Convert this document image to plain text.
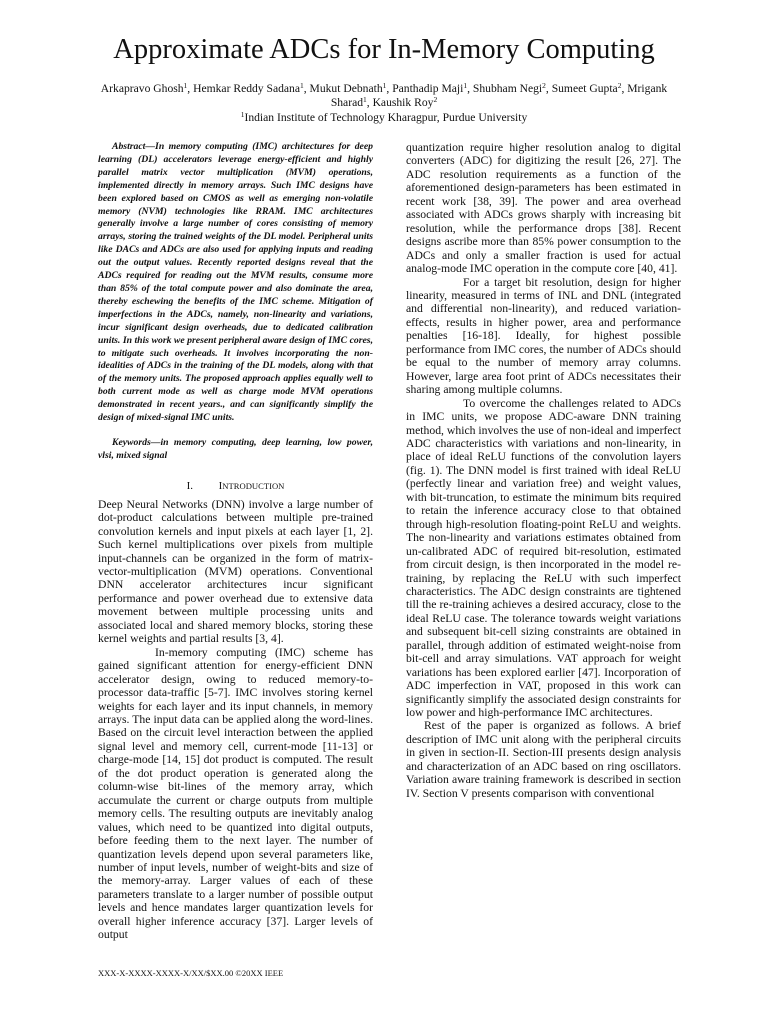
Approximate ADCs for In-Memory Computing
Arkapravo Ghosh$^1$, Hemkar Reddy Sadana$^1$, Mukut Debnath$^1$, Panthadip Maji$^1$, Shubham Negi$^2$, Sumeet Gupta$^2$, Mrigank Sharad$^1$, Kaushik Roy$^2$
$^1$Indian Institute of Technology Kharagpur, Purdue University

Abstract—In memory computing (IMC) architectures for deep learning (DL) accelerators leverage energy-efficient and highly parallel matrix vector multiplication (MVM) operations, implemented directly in memory arrays. Such IMC designs have been explored based on CMOS as well as emerging non-volatile memory (NVM) technologies like RRAM. IMC architectures generally involve a large number of cores consisting of memory arrays, storing the trained weights of the DL model. Peripheral units like DACs and ADCs are also used for applying inputs and reading out the output values. Recently reported designs reveal that the ADCs required for reading out the MVM results, consume more than 85% of the total compute power and also dominate the area, thereby eschewing the benefits of the IMC scheme. Mitigation of imperfections in the ADCs, namely, non-linearity and variations, incur significant design overheads, due to dedicated calibration units. In this work we present peripheral aware design of IMC cores, to mitigate such overheads. It involves incorporating the non-idealities of ADCs in the training of the DL models, along with that of the memory units. The proposed approach applies equally well to both current mode as well as charge mode MVM operations demonstrated in recent years., and can significantly simplify the design of mixed-signal IMC units.

Keywords—in memory computing, deep learning, low power, vlsi, mixed signal

I. INTRODUCTION

Deep Neural Networks (DNN) involve a large number of dot-product calculations between multiple pre-trained convolution kernels and input pixels at each layer [1, 2]. Such kernel multiplications over pixels from multiple input-channels can be organized in the form of matrix-vector-multiplication (MVM) operations. Conventional DNN accelerator architectures incur significant performance and power overhead due to extensive data movement between multiple processing units and associated local and shared memory blocks, storing these kernel weights and partial results [3, 4].

In-memory computing (IMC) scheme has gained significant attention for energy-efficient DNN accelerator design, owing to reduced memory-to-processor data-traffic [5-7]. IMC involves storing kernel weights for each layer and its input channels, in memory arrays. The input data can be applied along the word-lines. Based on the circuit level interaction between the applied signal level and memory cell, current-mode [11-13] or charge-mode [14, 15] dot product is computed. The result of the dot product operation is generated along the column-wise bit-lines of the memory array, which accumulate the current or charge outputs from multiple memory cells. The resulting outputs are inevitably analog values, which need to be quantized into digital outputs, before feeding them to the next layer. The number of quantization levels depend upon several parameters like, number of input levels, number of weight-bits and size of the memory-array. Larger values of each of these parameters translate to a larger number of possible output levels and hence mandates larger quantization levels for overall higher inference accuracy [37]. Larger levels of output

quantization require higher resolution analog to digital converters (ADC) for digitizing the result [26, 27]. The ADC resolution requirements as a function of the aforementioned design-parameters has been estimated in recent work [38, 39]. The power and area overhead associated with ADCs grows sharply with increasing bit resolution, while the performance drops [38]. Recent designs ascribe more than 85% power consumption to the ADCs and only a smaller fraction is used for actual analog-mode IMC operation in the compute core [40, 41].

For a target bit resolution, design for higher linearity, measured in terms of INL and DNL (integrated and differential non-linearity), and reduced variation-effects, results in higher power, area and performance penalties [16-18]. Ideally, for highest possible performance from IMC cores, the number of ADCs should be equal to the number of memory array columns. However, large area foot print of ADCs necessitates their sharing among multiple columns.

To overcome the challenges related to ADCs in IMC units, we propose ADC-aware DNN training method, which involves the use of non-ideal and imperfect ADC characteristics with variations and non-linearity, in place of ideal ReLU functions of the convolution layers (fig. 1). The DNN model is first trained with ideal ReLU (perfectly linear and variation free) and weight values, with bit-truncation, to estimate the minimum bits required to retain the inference accuracy close to that obtained through high-resolution floating-point ReLU and weights. The non-linearity and variations estimates obtained from un-calibrated ADC of required bit-resolution, estimated from circuit design, is then incorporated in the model re-training, by replacing the ReLU with such imperfect characteristics. The ADC design constraints are tightened till the re-training achieves a desired accuracy, close to the ideal ReLU case. The tolerance towards weight variations and subsequent bit-cell sizing constraints are obtained in parallel, through addition of estimated weight-noise from bit-cell and array simulations. VAT approach for weight variations has been explored earlier [47]. Incorporation of ADC imperfection in VAT, proposed in this work can significantly simplify the associated design constraints for low power and high-performance IMC architectures.

Rest of the paper is organized as follows. A brief description of IMC unit along with the peripheral circuits in given in section-II. Section-III presents design analysis and characterization of an ADC based on ring oscillators. Variation aware training framework is described in section IV. Section V presents comparison with conventional

XXX-X-XXXX-XXXX-X/XX/$XX.00 ©20XX IEEE
